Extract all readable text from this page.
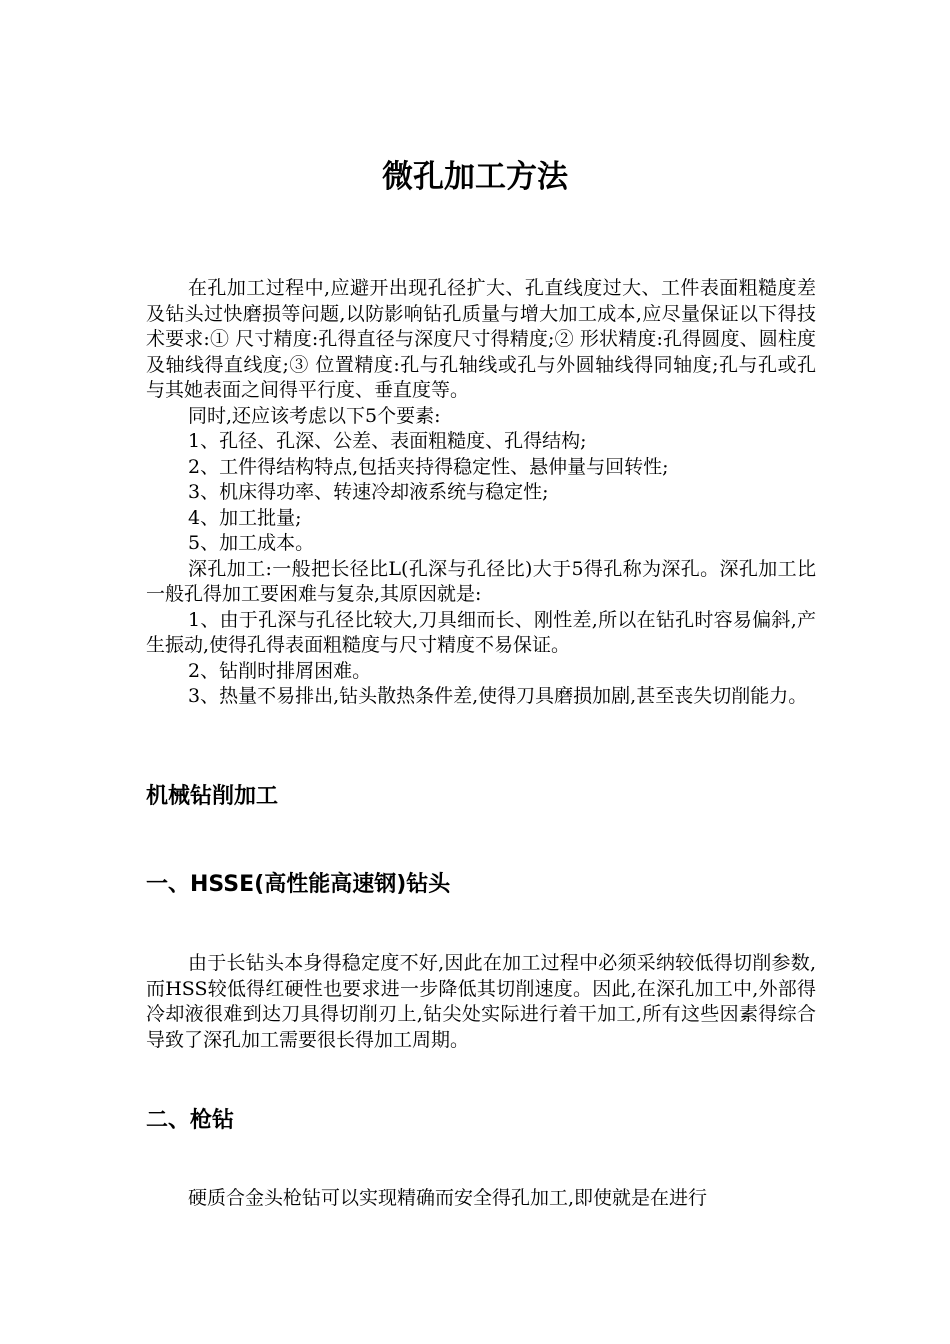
微孔加工方法

在孔加工过程中,应避开出现孔径扩大、孔直线度过大、工件表面粗糙度差及钻头过快磨损等问题,以防影响钻孔质量与增大加工成本,应尽量保证以下得技术要求:① 尺寸精度:孔得直径与深度尺寸得精度;② 形状精度:孔得圆度、圆柱度及轴线得直线度;③ 位置精度:孔与孔轴线或孔与外圆轴线得同轴度;孔与孔或孔与其她表面之间得平行度、垂直度等。

同时,还应该考虑以下5个要素:

1、孔径、孔深、公差、表面粗糙度、孔得结构;

2、工件得结构特点,包括夹持得稳定性、悬伸量与回转性;

3、机床得功率、转速冷却液系统与稳定性;

4、加工批量;

5、加工成本。

深孔加工:一般把长径比L(孔深与孔径比)大于5得孔称为深孔。深孔加工比一般孔得加工要困难与复杂,其原因就是:

1、由于孔深与孔径比较大,刀具细而长、刚性差,所以在钻孔时容易偏斜,产生振动,使得孔得表面粗糙度与尺寸精度不易保证。

2、钻削时排屑困难。

3、热量不易排出,钻头散热条件差,使得刀具磨损加剧,甚至丧失切削能力。

机械钻削加工
一、HSSE(高性能高速钢)钻头

由于长钻头本身得稳定度不好,因此在加工过程中必须采纳较低得切削参数,而HSS较低得红硬性也要求进一步降低其切削速度。因此,在深孔加工中,外部得冷却液很难到达刀具得切削刃上,钻尖处实际进行着干加工,所有这些因素得综合导致了深孔加工需要很长得加工周期。

二、枪钻

硬质合金头枪钻可以实现精确而安全得孔加工,即使就是在进行
